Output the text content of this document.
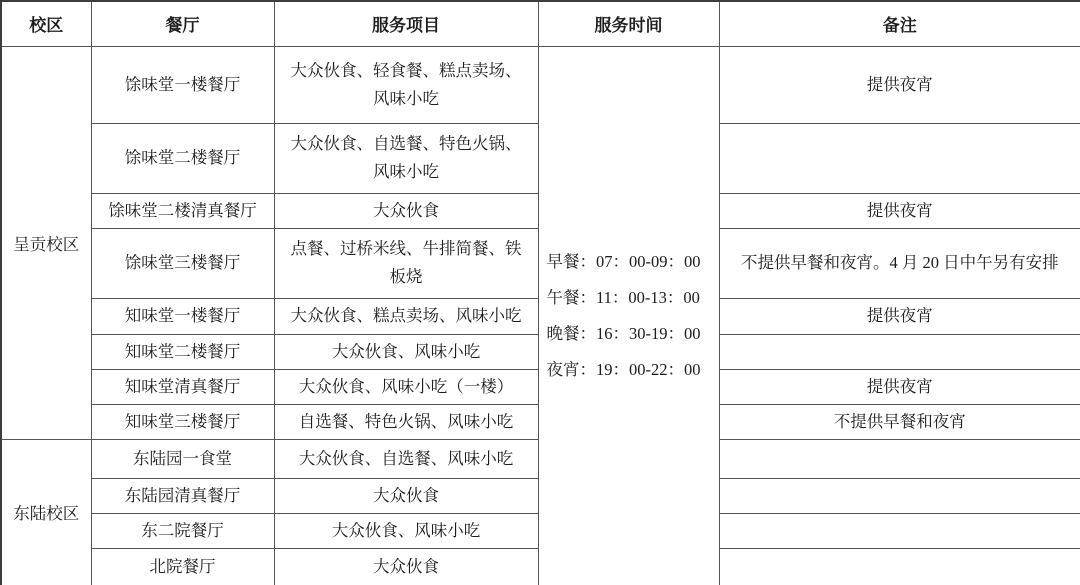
校区	餐厅	服务项目	服务时间	备注
呈贡校区	馀味堂一楼餐厅	大众伙食、轻食餐、糕点卖场、风味小吃	早餐：07：00-09：00
午餐：11：00-13：00
晚餐：16：30-19：00
夜宵：19：00-22：00	提供夜宵
	馀味堂二楼餐厅	大众伙食、自选餐、特色火锅、风味小吃		
	馀味堂二楼清真餐厅	大众伙食		提供夜宵
	馀味堂三楼餐厅	点餐、过桥米线、牛排简餐、铁板烧		不提供早餐和夜宵。4 月 20 日中午另有安排
	知味堂一楼餐厅	大众伙食、糕点卖场、风味小吃		提供夜宵
	知味堂二楼餐厅	大众伙食、风味小吃		
	知味堂清真餐厅	大众伙食、风味小吃（一楼）		提供夜宵
	知味堂三楼餐厅	自选餐、特色火锅、风味小吃		不提供早餐和夜宵
东陆校区	东陆园一食堂	大众伙食、自选餐、风味小吃		
	东陆园清真餐厅	大众伙食		
	东二院餐厅	大众伙食、风味小吃		
	北院餐厅	大众伙食		
